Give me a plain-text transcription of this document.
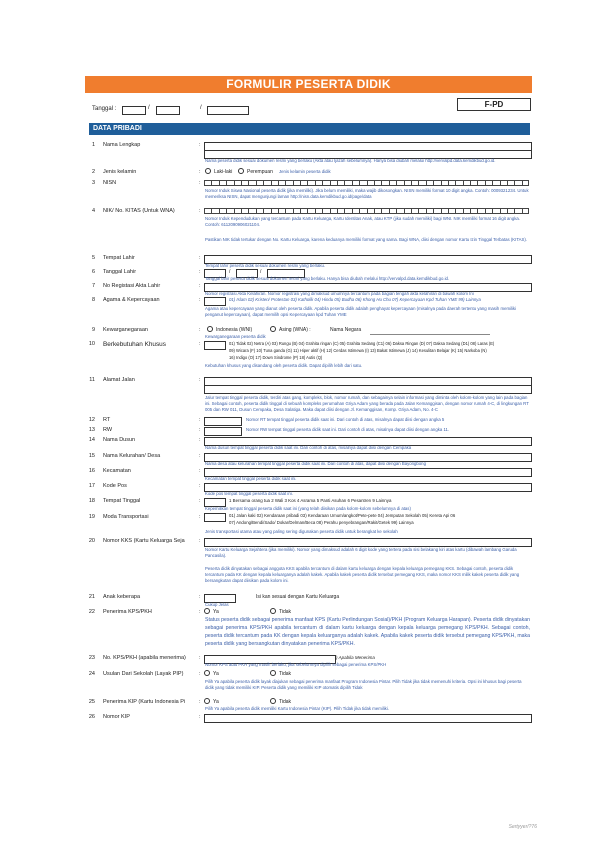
FORMULIR PESERTA DIDIK
F-PD
Tanggal :	/	/
DATA PRIBADI
1 Nama Lengkap	:
Nama peserta didik sesuai dokumen resmi yang berlaku (Akta atau Ijazah sebelumnya). Hanya bisa diubah melalui http://vervalpd.data.kemdikbud.go.id.
2 Jenis kelamin	:	Laki-laki	Perempuan Jenis kelamin peserta didik
3 NISN	:
Nomor Induk Siswa Nasional peserta didik (jika memiliki). Jika belum memiliki, maka wajib dikosongkan. NISN memiliki format 10 digit angka. Contoh: 0009321234. Untuk memeriksa NISN, dapat mengunjungi laman http://nisn.data.kemdikbud.go.id/page/data
4 NIK/ No. KITAS (Untuk WNA)	:
Nomor Induk Kependudukan yang tercantum pada Kartu Keluarga, Kartu Identitas Anak, atau KTP (jika sudah memiliki) bagi WNI. NIK memiliki format 16 digit angka. Contoh: 6112090906021104.
Pastikan NIK tidak tertukar dengan No. Kartu Keluarga, karena keduanya memiliki format yang sama. Bagi WNA, diisi dengan nomor Kartu Izin Tinggal Terbatas (KITAS).
5 Tempat Lahir	:
Tempat lahir peserta didik sesuai dokumen resmi yang berlaku.
6 Tanggal Lahir	:	/	/
Tanggal lahir peserta didik sesuai dokumen resmi yang berlaku. Hanya bisa diubah melalui http://vervalpd.data.kemdikbud.go.id.
7 No Registasi Akta Lahir	:
Nomor registrasi Akta Kelahiran. Nomor registrasi yang dimaksud umumnya tercantum pada bagian tengah akta kelahiran di bawah kolom Ini
8 Agama & Kepercayaan	:	01) Islam 02) Kristen/ Protestan 03) Katholik 04) Hindu 05) Budha 06) Khong Hu Chu 07) Kepercayaan Kpd Tuhan YME 99) Lainnya
Agama atau kepercayaan yang dianut oleh peserta didik. Apabila peserta didik adalah penghayat kepercayaan (misalnya pada daerah tertentu yang masih memiliki penganut kepercayaan), dapat memilih opsi Kepercayaan kpd Tuhan YME
9 Kewarganegaraan	:	Indonesia (WNI)	Asing (WNA) :	Nama Negara
Kewarganegaraan peserta didik
10 Berkebutuhan Khusus	:	01) Tidak 02) Netra (A) 03) Rungu (B) 04) Grahita ringan (C) 05) Grahita Sedang (C1) 06) Daksa Ringan (D) 07) Daksa Sedang (D1) 08) Laras (E)
09) Wicara (F) 10) Tuna ganda (G) 11) Hiper aktif (H) 12) Cerdas Istimewa (I) 13) Bakat Istimewa (J) 14) Kesulitan Belajar (K) 15) Narkoba (N)
16) Indigo (O) 17) Down Sindrome (P) 18) Autis (Q)
Kebutuhan khusus yang disandang oleh peserta didik. Dapat dipilih lebih dari satu.
11 Alamat Jalan	:
Jalur tempat tinggal peserta didik, terdiri atas gang, kompleks, blok, nomor rumah, dan sebagainya selain informasi yang diminta oleh kolom-kolom yang lain pada bagian ini. Sebagai contoh, peserta didik tinggal di sebuah kompleks perumahan Griya Adam yang berada pada Jalan Kemanggisan, dengan nomor rumah 4-C, di lingkungan RT 005 dan RW 011, Dusun Cempaka, Desa Salatiga. Maka dapat diisi dengan Jl. Kemanggisan, Komp. Griya Adam, No. 4-C
12 RT	:	Nomor RT tempat tinggal peserta didik saat ini. Dari contoh di atas, misalnya dapat diisi dengan angka 5
13 RW	:	Nomor RW tempat tinggal peserta didik saat ini. Dari contoh di atas, misalnya dapat diisi dengan angka 11.
14 Nama Dusun	:
Nama dusun tempat tinggal peserta didik saat ini. Dari contoh di atas, misalnya dapat diisi dengan Cempaka
15 Nama Kelurahan/ Desa	:
Nama desa atau kelurahan tempat tinggal peserta didik saat ini. Dari contoh di atas, dapat diisi dengan Bayongbong
16 Kecamatan	:
Kecamatan tempat tinggal peserta didik saat ini.
17 Kode Pos	:
Kode pos tempat tinggal peserta didik saat ini.
18 Tempat Tinggal	:	1 Bersama orang tua 2 Wali 3 Kos 4 Asrama 5 Panti Asuhan 6 Pesantren 9 Lainnya
Kepemilikan tempat tinggal peserta didik saat ini (yang telah diisikan pada kolom-kolom sebelumnya di atas)
19 Moda Transportasi	:	01) Jalan kaki 02) Kendaraan pribadi 03) Kendaraan Umum/angkot/Pete-pete 04) Jemputan Sekolah 05) Kereta Api 06
07) Andong/Bendi/Sado/ Dokar/Delman/Beca 08) Perahu penyebrangan/Rakit/Getek 99) Lainnya
Jenis transportasi utama atau yang paling sering digunakan peserta didik untuk berangkat ke sekolah
20 Nomor KKS (Kartu Keluarga Seja	:
Nomor Kartu Keluarga Sejahtera (jika memiliki). Nomor yang dimaksud adalah 6 digit kode yang tertera pada sisi belakang kiri atas kartu (dibawah lambang Garuda Pancasila).
Peserta didik dinyatakan sebagai anggota KKS apabila tercantum di dalam kartu keluarga dengan kepala keluarga pemegang KKS. Sebagai contoh, peserta didik tercantum pada KK dengan kepala keluarganya adalah kakek. Apabila kakek peserta didik tersebut pemegang KKS, maka nomor KKS milik kakek peserta didik yang bersangkutan dapat diisikan pada kolom ini.
21 Anak keberapa	:	Isi kan sesuai dengan Kartu Keluarga
Cukup Jelas
22 Penerima KPS/PKH	: Ya	Tidak
Status peserta didik sebagai penerima manfaat KPS (Kartu Perlindungan Sosial)/PKH (Program Keluarga Harapan). Peserta didik dinyatakan sebagai penerima KPS/PKH apabila tercantum di dalam kartu keluarga dengan kepala keluarga pemegang KPS/PKH. Sebagai contoh, peserta didik tercantum pada KK dengan kepala keluarganya adalah kakek. Apabila kakek peserta didik tersebut pemegang KPS/PKH, maka peserta didik yang bersangkutan dinyatakan penerima KPS/PKH.
23 No. KPS/PKH (apabila menerima) :	) Apabila Menerima
Nomor KPS atau PKH yang masih berlaku, jika sebelumnya dipilih sebagai penerima KPS/PKH
24 Usulan Dari Sekolah (Layak PIP)	: Ya	Tidak
Pilih Ya apabila peserta didik layak diajukan sebagai penerima manfaat Program Indonesia Pintar. Pilih Tidak jika tidak memenuhi kriteria. Opsi ini khusus bagi peserta didik yang tidak memiliki KIP. Peserta didik yang memiliki KIP otomatis dipilih Tidak
25 Penerima KIP (Kartu Indonesia Pi	: Ya	Tidak
Pilih Ya apabila peserta didik memiliki Kartu Indonesia Pintar (KIP). Pilih Tidak jika tidak memiliki.
26 Nomor KIP	:
Sertyyer/?76
